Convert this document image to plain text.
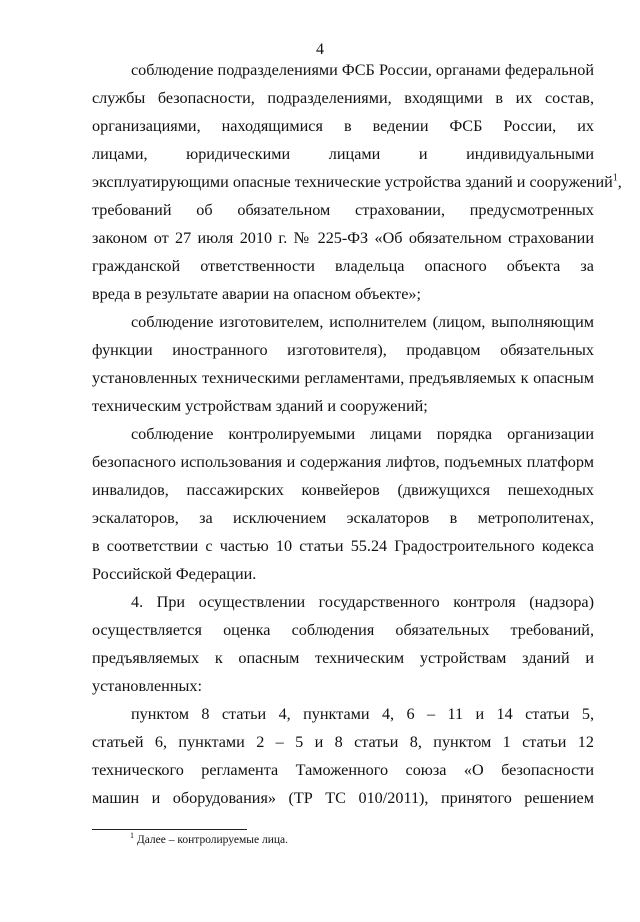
4
соблюдение подразделениями ФСБ России, органами федеральной
службы безопасности, подразделениями, входящими в их состав,
организациями, находящимися в ведении ФСБ России, их
лицами, юридическими лицами и индивидуальными
эксплуатирующими опасные технические устройства зданий и сооружений$^1$,
требований об обязательном страховании, предусмотренных
законом от 27 июля 2010 г. № 225-ФЗ «Об обязательном страховании
гражданской ответственности владельца опасного объекта за
вреда в результате аварии на опасном объекте»;
соблюдение изготовителем, исполнителем (лицом, выполняющим
функции иностранного изготовителя), продавцом обязательных
установленных техническими регламентами, предъявляемых к опасным
техническим устройствам зданий и сооружений;
соблюдение контролируемыми лицами порядка организации
безопасного использования и содержания лифтов, подъемных платформ
инвалидов, пассажирских конвейеров (движущихся пешеходных
эскалаторов, за исключением эскалаторов в метрополитенах,
в соответствии с частью 10 статьи 55.24 Градостроительного кодекса
Российской Федерации.
4. При осуществлении государственного контроля (надзора)
осуществляется оценка соблюдения обязательных требований,
предъявляемых к опасным техническим устройствам зданий и
установленных:
пунктом 8 статьи 4, пунктами 4, 6 – 11 и 14 статьи 5,
статьей 6, пунктами 2 – 5 и 8 статьи 8, пунктом 1 статьи 12
технического регламента Таможенного союза «О безопасности
машин и оборудования» (ТР ТС 010/2011), принятого решением
$^1$ Далее – контролируемые лица.
